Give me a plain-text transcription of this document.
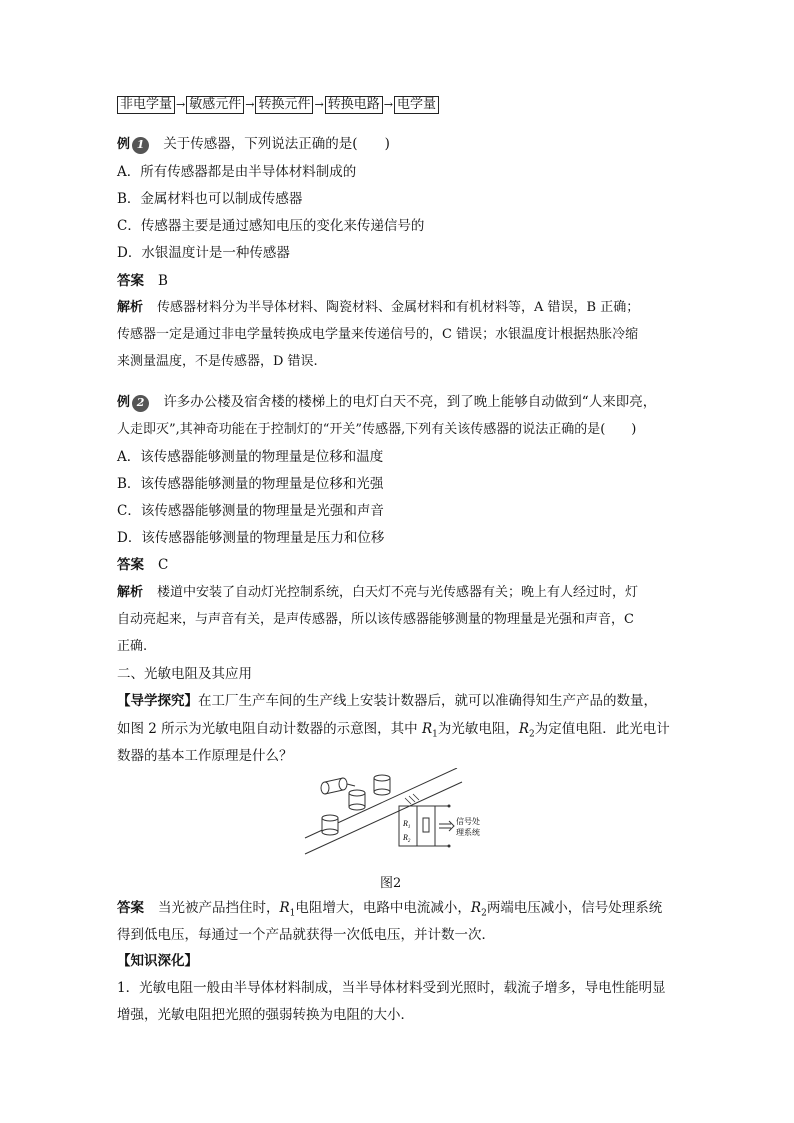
非电学量 → 敏感元件 → 转换元件 → 转换电路 → 电学量
例 1	关于传感器，下列说法正确的是(　　)
A．所有传感器都是由半导体材料制成的
B．金属材料也可以制成传感器
C．传感器主要是通过感知电压的变化来传递信号的
D．水银温度计是一种传感器
答案 B
解析 传感器材料分为半导体材料、陶瓷材料、金属材料和有机材料等，A 错误，B 正确；
传感器一定是通过非电学量转换成电学量来传递信号的，C 错误；水银温度计根据热胀冷缩
来测量温度，不是传感器，D 错误.
例 2	许多办公楼及宿舍楼的楼梯上的电灯白天不亮，到了晚上能够自动做到“人来即亮，
人走即灭”,其神奇功能在于控制灯的“开关”传感器,下列有关该传感器的说法正确的是(　　)
A．该传感器能够测量的物理量是位移和温度
B．该传感器能够测量的物理量是位移和光强
C．该传感器能够测量的物理量是光强和声音
D．该传感器能够测量的物理量是压力和位移
答案 C
解析 楼道中安装了自动灯光控制系统，白天灯不亮与光传感器有关；晚上有人经过时，灯
自动亮起来，与声音有关，是声传感器，所以该传感器能够测量的物理量是光强和声音，C
正确.
二、光敏电阻及其应用
【导学探究】在工厂生产车间的生产线上安装计数器后，就可以准确得知生产产品的数量，
如图 2 所示为光敏电阻自动计数器的示意图，其中 $R_1$为光敏电阻，$R_2$为定值电阻．此光电计
数器的基本工作原理是什么？
$R_1$
$R_2$
信号处
理系统
图2
答案 当光被产品挡住时，$R_1$电阻增大，电路中电流减小，$R_2$两端电压减小，信号处理系统
得到低电压，每通过一个产品就获得一次低电压，并计数一次．
【知识深化】
1．光敏电阻一般由半导体材料制成，当半导体材料受到光照时，载流子增多，导电性能明显
增强，光敏电阻把光照的强弱转换为电阻的大小．
